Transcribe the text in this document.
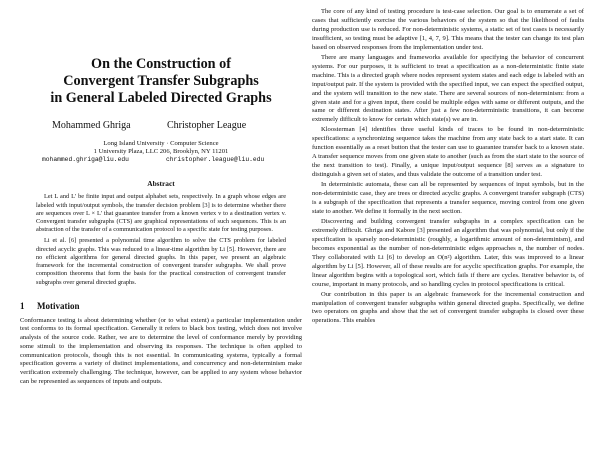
On the Construction of
Convergent Transfer Subgraphs
in General Labeled Directed Graphs
Mohammed Ghriga	Christopher League
Long Island University · Computer Science
1 University Plaza, LLC 206, Brooklyn, NY 11201
mohammed.ghriga@liu.edu	christopher.league@liu.edu
Abstract

Let L and L' be finite input and output alphabet sets, respectively. In a graph whose edges are labeled with input/output symbols, the transfer decision problem [3] is to determine whether there are sequences over L × L' that guarantee transfer from a known vertex v to a destination vertex v. Convergent transfer subgraphs (CTS) are graphical representations of such sequences. This is an abstraction of the transfer of a communication protocol to a specific state for testing purposes.

Li et al. [6] presented a polynomial time algorithm to solve the CTS problem for labeled directed acyclic graphs. This was reduced to a linear-time algorithm by Li [5]. However, there are no efficient algorithms for general directed graphs. In this paper, we present an algebraic framework for the incremental construction of convergent transfer subgraphs. We shall prove composition theorems that form the basis for the practical construction of convergent transfer subgraphs over general directed graphs.

1 Motivation

Conformance testing is about determining whether (or to what extent) a particular implementation under test conforms to its formal specification. Generally it refers to black box testing, which does not involve analysis of the source code. Rather, we are to determine the level of conformance merely by providing some stimuli to the implementation and observing its responses. The technique is often applied to communication protocols, though this is not essential. In communicating systems, typically a formal specification governs a variety of distinct implementations, and concurrency and non-determinism make verification extremely challenging. The technique, however, can be applied to any system whose behavior can be represented as sequences of inputs and outputs.

The core of any kind of testing procedure is test-case selection. Our goal is to enumerate a set of cases that sufficiently exercise the various behaviors of the system so that the likelihood of faults during production use is reduced. For non-deterministic systems, a static set of test cases is necessarily insufficient, so testing must be adaptive [1, 4, 7, 9]. This means that the tester can change its test plan based on observed responses from the implementation under test.

There are many languages and frameworks available for specifying the behavior of concurrent systems. For our purposes, it is sufficient to treat a specification as a non-deterministic finite state machine. This is a directed graph where nodes represent system states and each edge is labeled with an input/output pair. If the system is provided with the specified input, we can expect the specified output, and the system will transition to the new state. There are several sources of non-determinism: from a given state and for a given input, there could be multiple edges with same or different outputs, and the same or different destination states. After just a few non-deterministic transitions, it can become extremely difficult to know for certain which state(s) we are in.

Kloosterman [4] identifies three useful kinds of traces to be found in non-deterministic specifications: a synchronizing sequence takes the machine from any state back to a start state. It can function essentially as a reset button that the tester can use to guarantee transfer back to a known state. A transfer sequence moves from one given state to another (such as from the start state to the source of the next transition to test). Finally, a unique input/output sequence [8] serves as a signature to distinguish a given set of states, and thus validate the outcome of a transition under test.

In deterministic automata, these can all be represented by sequences of input symbols, but in the non-deterministic case, they are trees or directed acyclic graphs. A convergent transfer subgraph (CTS) is a subgraph of the specification that represents a transfer sequence, moving control from one given state to another. We define it formally in the next section.

Discovering and building convergent transfer subgraphs in a complex specification can be extremely difficult. Ghriga and Kabore [3] presented an algorithm that was polynomial, but only if the specification is sparsely non-deterministic (roughly, a logarithmic amount of non-determinism), and becomes exponential as the number of non-deterministic edges approaches n, the number of nodes. They collaborated with Li [6] to develop an O(n²) algorithm. Later, this was improved to a linear algorithm by Li [5]. However, all of these results are for acyclic specification graphs. For example, the linear algorithm begins with a topological sort, which fails if there are cycles. Iterative behavior is, of course, important in many protocols, and so handling cycles in protocol specifications is critical.

Our contribution in this paper is an algebraic framework for the incremental construction and manipulation of convergent transfer subgraphs within general directed graphs. Specifically, we define two operators on graphs and show that the set of convergent transfer subgraphs is closed over these operations. This enables
